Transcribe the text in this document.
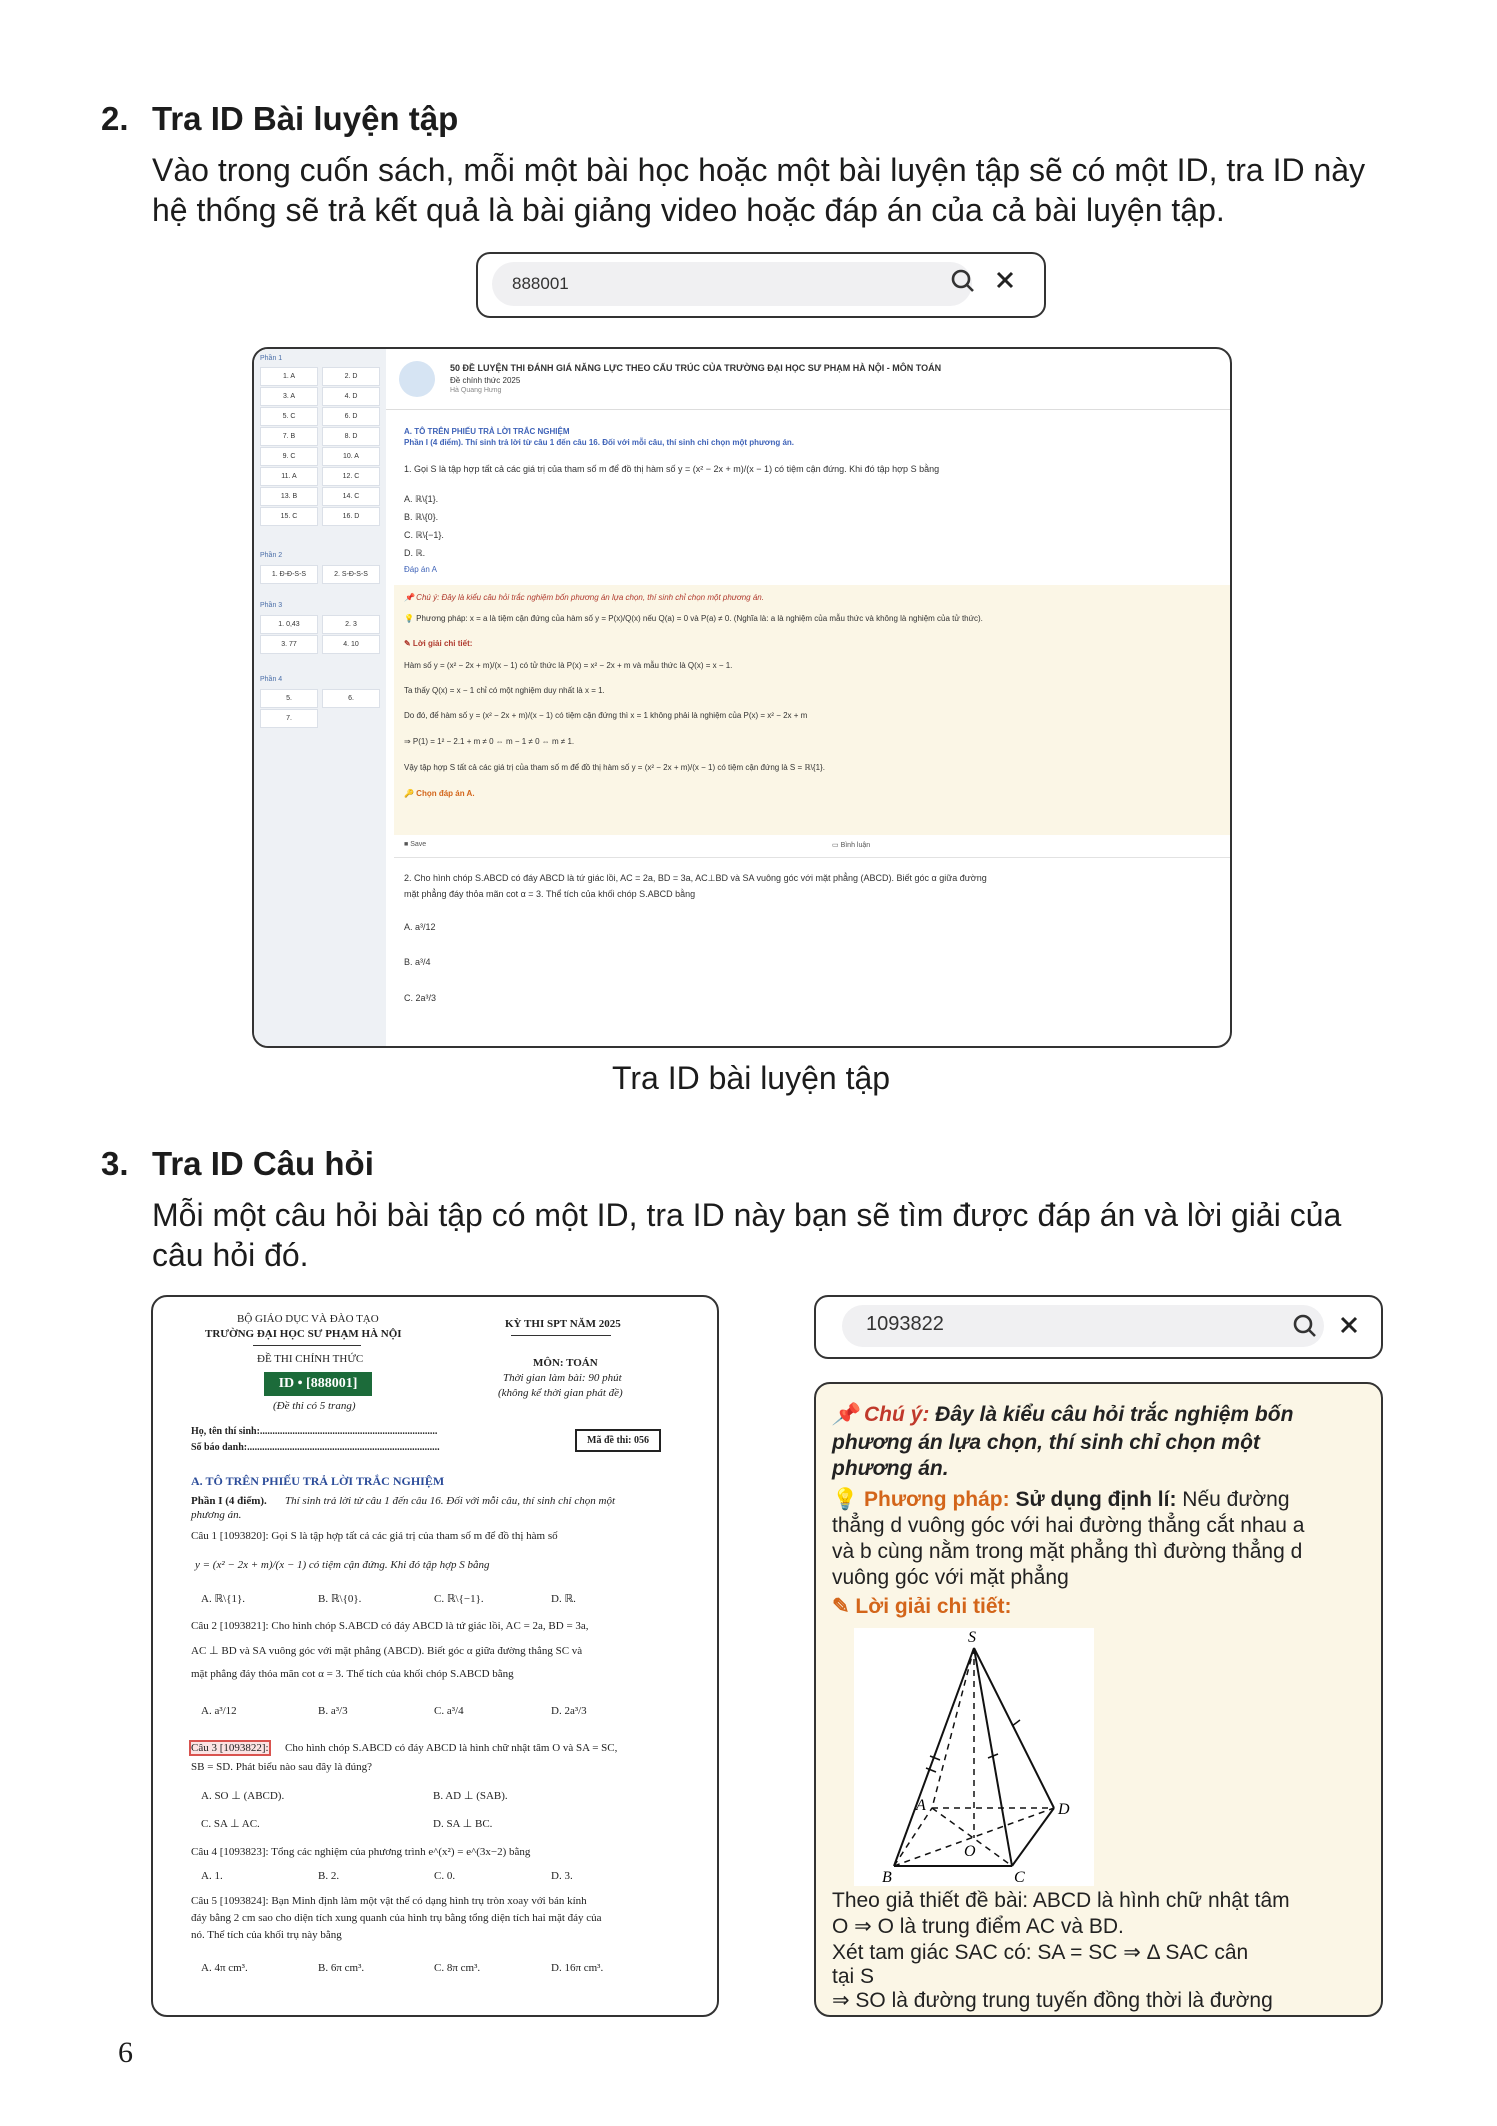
2. Tra ID Bài luyện tập
Vào trong cuốn sách, mỗi một bài học hoặc một bài luyện tập sẽ có một ID, tra ID này
hệ thống sẽ trả kết quả là bài giảng video hoặc đáp án của cả bài luyện tập.
888001
Phần 1
1. A	2. D
3. A	4. D
5. C	6. D
7. B	8. D
9. C	10. A
11. A	12. C
13. B	14. C
15. C	16. D
Phần 2
1. Đ-Đ-S-S	2. S-Đ-S-S
Phần 3
1. 0,43	2. 3
3. 77	4. 10
Phần 4
5.	6.
7.
50 ĐỀ LUYỆN THI ĐÁNH GIÁ NĂNG LỰC THEO CẤU TRÚC CỦA TRƯỜNG ĐẠI HỌC SƯ PHẠM HÀ NỘI - MÔN TOÁN
Đề chính thức 2025
Hà Quang Hưng
A. TÔ TRÊN PHIẾU TRẢ LỜI TRẮC NGHIỆM
Phần I (4 điểm). Thí sinh trả lời từ câu 1 đến câu 16. Đối với mỗi câu, thí sinh chỉ chọn một phương án.
1. Gọi S là tập hợp tất cả các giá trị của tham số m để đồ thị hàm số y = (x² − 2x + m)/(x − 1) có tiệm cận đứng. Khi đó tập hợp S bằng
A. ℝ\{1}.
B. ℝ\{0}.
C. ℝ\{−1}.
D. ℝ.
Đáp án A
📌 Chú ý: Đây là kiểu câu hỏi trắc nghiệm bốn phương án lựa chọn, thí sinh chỉ chọn một phương án.
💡 Phương pháp: x = a là tiệm cận đứng của hàm số y = P(x)/Q(x) nếu Q(a) = 0 và P(a) ≠ 0. (Nghĩa là: a là nghiệm của mẫu thức và không là nghiệm của tử thức).
✎ Lời giải chi tiết:
Hàm số y = (x² − 2x + m)/(x − 1) có tử thức là P(x) = x² − 2x + m và mẫu thức là Q(x) = x − 1.
Ta thấy Q(x) = x − 1 chỉ có một nghiệm duy nhất là x = 1.
Do đó, để hàm số y = (x² − 2x + m)/(x − 1) có tiệm cận đứng thì x = 1 không phải là nghiệm của P(x) = x² − 2x + m
⇒ P(1) = 1² − 2.1 + m ≠ 0 ⇔ m − 1 ≠ 0 ⇔ m ≠ 1.
Vậy tập hợp S tất cả các giá trị của tham số m để đồ thị hàm số y = (x² − 2x + m)/(x − 1) có tiệm cận đứng là S = ℝ\{1}.
🔑 Chọn đáp án A.
■ Save	▭ Bình luận
2. Cho hình chóp S.ABCD có đáy ABCD là tứ giác lồi, AC = 2a, BD = 3a, AC⊥BD và SA vuông góc với mặt phẳng (ABCD). Biết góc α giữa đường
mặt phẳng đáy thỏa mãn cot α = 3. Thể tích của khối chóp S.ABCD bằng
A. a³/12
B. a³/4
C. 2a³/3
Tra ID bài luyện tập
3. Tra ID Câu hỏi
Mỗi một câu hỏi bài tập có một ID, tra ID này bạn sẽ tìm được đáp án và lời giải của
câu hỏi đó.
BỘ GIÁO DỤC VÀ ĐÀO TẠO
TRƯỜNG ĐẠI HỌC SƯ PHẠM HÀ NỘI
ĐỀ THI CHÍNH THỨC
ID • [888001]
(Đề thi có 5 trang)
KỲ THI SPT NĂM 2025
MÔN: TOÁN
Thời gian làm bài: 90 phút
(không kể thời gian phát đề)
Họ, tên thí sinh:.......................................................................
Số báo danh:.............................................................................
Mã đề thi: 056
A. TÔ TRÊN PHIẾU TRẢ LỜI TRẮC NGHIỆM
Phần I (4 điểm). Thí sinh trả lời từ câu 1 đến câu 16. Đối với mỗi câu, thí sinh chỉ chọn một
phương án.
Câu 1 [1093820]: Gọi S là tập hợp tất cả các giá trị của tham số m để đồ thị hàm số
y = (x² − 2x + m)/(x − 1) có tiệm cận đứng. Khi đó tập hợp S bằng
A. ℝ\{1}.	B. ℝ\{0}.	C. ℝ\{−1}.	D. ℝ.
Câu 2 [1093821]: Cho hình chóp S.ABCD có đáy ABCD là tứ giác lồi, AC = 2a, BD = 3a,
AC ⊥ BD và SA vuông góc với mặt phẳng (ABCD). Biết góc α giữa đường thẳng SC và
mặt phẳng đáy thỏa mãn cot α = 3. Thể tích của khối chóp S.ABCD bằng
A. a³/12	B. a³/3	C. a³/4	D. 2a³/3
Câu 3 [1093822]: Cho hình chóp S.ABCD có đáy ABCD là hình chữ nhật tâm O và SA = SC,
SB = SD. Phát biểu nào sau đây là đúng?
A. SO ⊥ (ABCD).	B. AD ⊥ (SAB).
C. SA ⊥ AC.	D. SA ⊥ BC.
Câu 4 [1093823]: Tổng các nghiệm của phương trình e^(x²) = e^(3x−2) bằng
A. 1.	B. 2.	C. 0.	D. 3.
Câu 5 [1093824]: Bạn Minh định làm một vật thể có dạng hình trụ tròn xoay với bán kính
đáy bằng 2 cm sao cho diện tích xung quanh của hình trụ bằng tổng diện tích hai mặt đáy của
nó. Thể tích của khối trụ này bằng
A. 4π cm³.	B. 6π cm³.	C. 8π cm³.	D. 16π cm³.
1093822
📌 Chú ý: Đây là kiểu câu hỏi trắc nghiệm bốn
phương án lựa chọn, thí sinh chỉ chọn một
phương án.
💡 Phương pháp: Sử dụng định lí: Nếu đường
thẳng d vuông góc với hai đường thẳng cắt nhau a
và b cùng nằm trong mặt phẳng thì đường thẳng d
vuông góc với mặt phẳng
✎ Lời giải chi tiết:
S
A	D
O
B	C
Theo giả thiết đề bài: ABCD là hình chữ nhật tâm
O ⇒ O là trung điểm AC và BD.
Xét tam giác SAC có: SA = SC ⇒ Δ SAC cân
tại S
⇒ SO là đường trung tuyến đồng thời là đường
6
